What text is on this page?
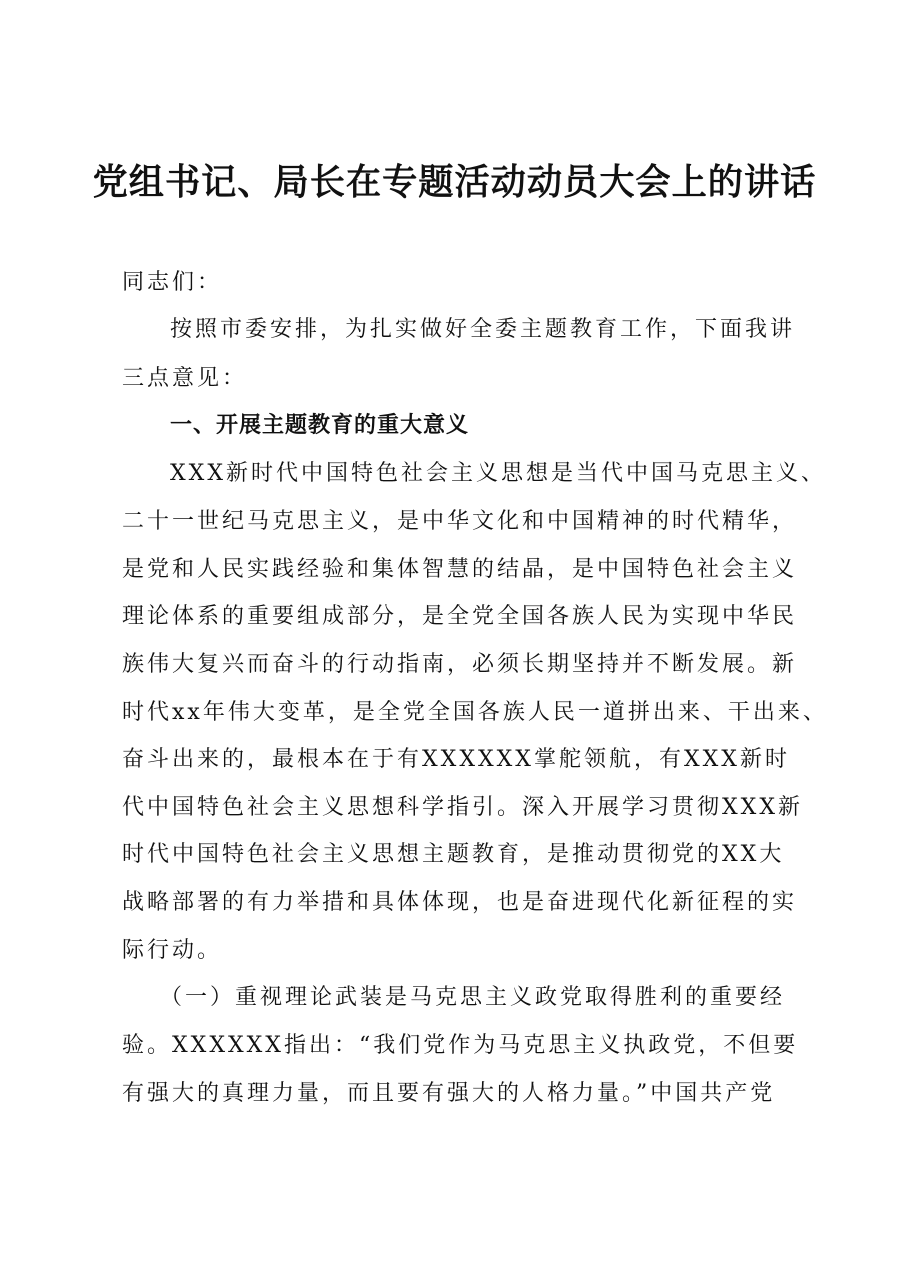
党组书记、局长在专题活动动员大会上的讲话
同志们：
按照市委安排，为扎实做好全委主题教育工作，下面我讲
三点意见：
一、开展主题教育的重大意义
XXX新时代中国特色社会主义思想是当代中国马克思主义、
二十一世纪马克思主义，是中华文化和中国精神的时代精华，
是党和人民实践经验和集体智慧的结晶，是中国特色社会主义
理论体系的重要组成部分，是全党全国各族人民为实现中华民
族伟大复兴而奋斗的行动指南，必须长期坚持并不断发展。新
时代xx年伟大变革，是全党全国各族人民一道拼出来、干出来、
奋斗出来的，最根本在于有XXXXXX掌舵领航，有XXX新时
代中国特色社会主义思想科学指引。深入开展学习贯彻XXX新
时代中国特色社会主义思想主题教育，是推动贯彻党的XX大
战略部署的有力举措和具体体现，也是奋进现代化新征程的实
际行动。
（一）重视理论武装是马克思主义政党取得胜利的重要经
验。XXXXXX指出：“我们党作为马克思主义执政党，不但要
有强大的真理力量，而且要有强大的人格力量。”中国共产党
